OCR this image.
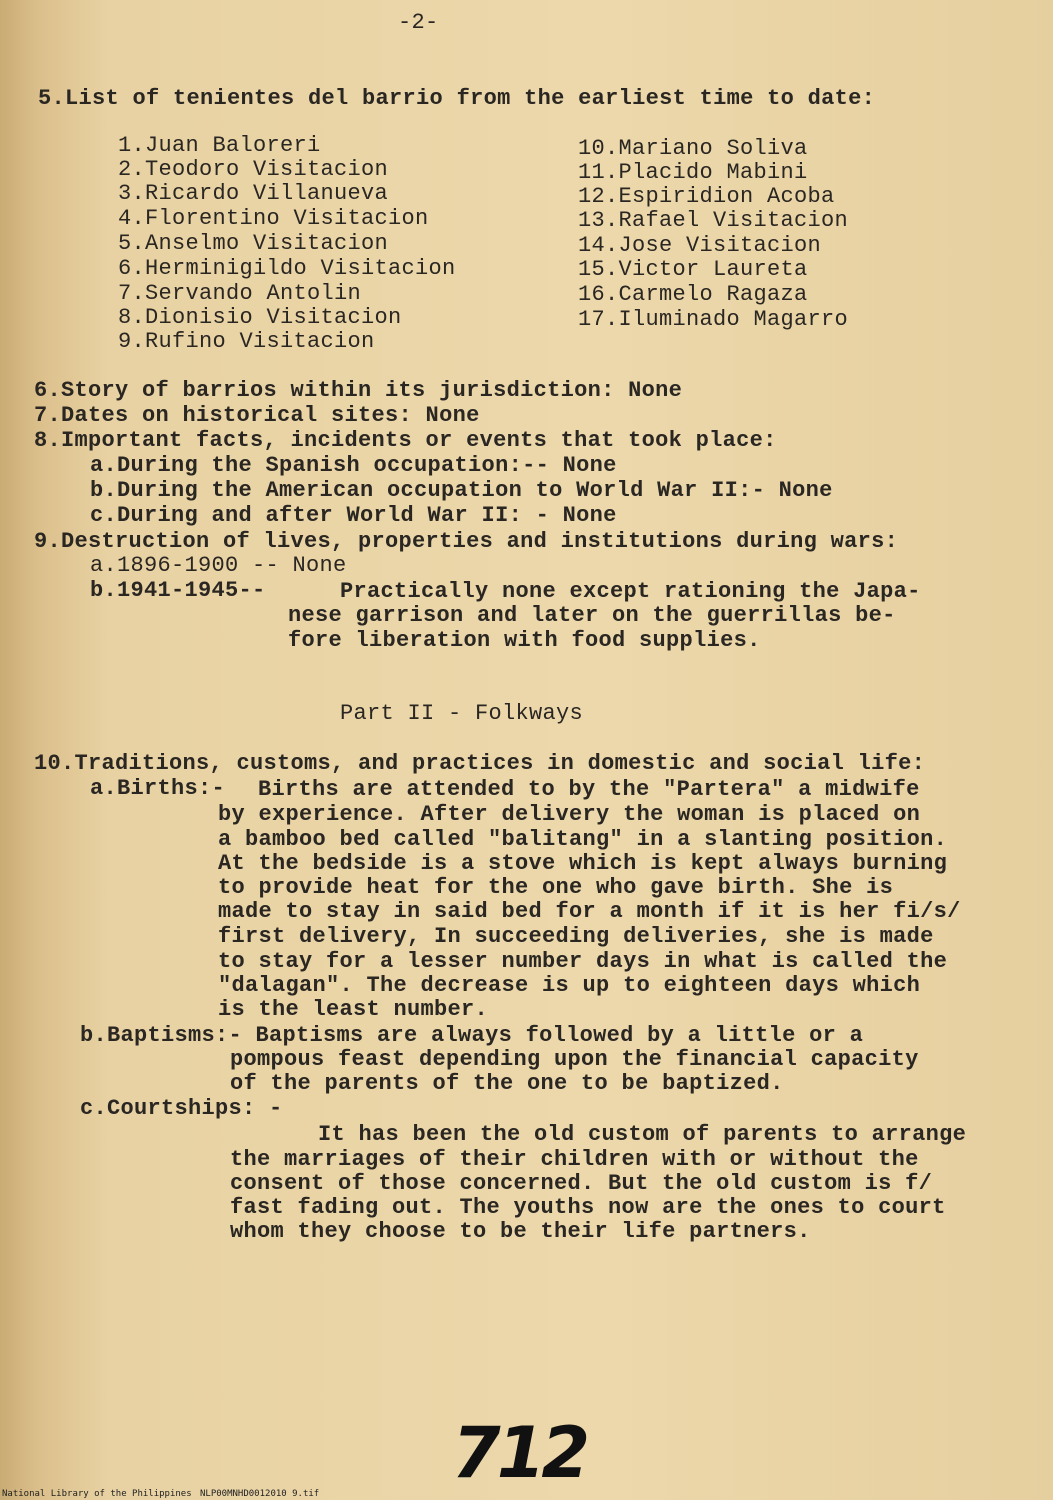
-2-
5.List of tenientes del barrio from the earliest time to date:
1.Juan Baloreri
2.Teodoro Visitacion
3.Ricardo Villanueva
4.Florentino Visitacion
5.Anselmo Visitacion
6.Herminigildo Visitacion
7.Servando Antolin
8.Dionisio Visitacion
9.Rufino Visitacion
10.Mariano Soliva
11.Placido Mabini
12.Espiridion Acoba
13.Rafael Visitacion
14.Jose Visitacion
15.Victor Laureta
16.Carmelo Ragaza
17.Iluminado Magarro
6.Story of barrios within its jurisdiction: None
7.Dates on historical sites: None
8.Important facts, incidents or events that took place:
a.During the Spanish occupation:-- None
b.During the American occupation to World War II:- None
c.During and after World War II: - None
9.Destruction of lives, properties and institutions during wars:
a.1896-1900 -- None
b.1941-1945--	Practically none except rationing the Japa-
nese garrison and later on the guerrillas be-
fore liberation with food supplies.
Part II - Folkways
10.Traditions, customs, and practices in domestic and social life:
a.Births:- Births are attended to by the "Partera" a midwife
by experience. After delivery the woman is placed on
a bamboo bed called "balitang" in a slanting position.
At the bedside is a stove which is kept always burning
to provide heat for the one who gave birth. She is
made to stay in said bed for a month if it is her fi/s/
first delivery, In succeeding deliveries, she is made
to stay for a lesser number days in what is called the
"dalagan". The decrease is up to eighteen days which
is the least number.
b.Baptisms:- Baptisms are always followed by a little or a
pompous feast depending upon the financial capacity
of the parents of the one to be baptized.
c.Courtships: -
It has been the old custom of parents to arrange
the marriages of their children with or without the
consent of those concerned. But the old custom is f/
fast fading out. The youths now are the ones to court
whom they choose to be their life partners.
712
National Library of the Philippines NLP00MNHD0012010 9.tif
